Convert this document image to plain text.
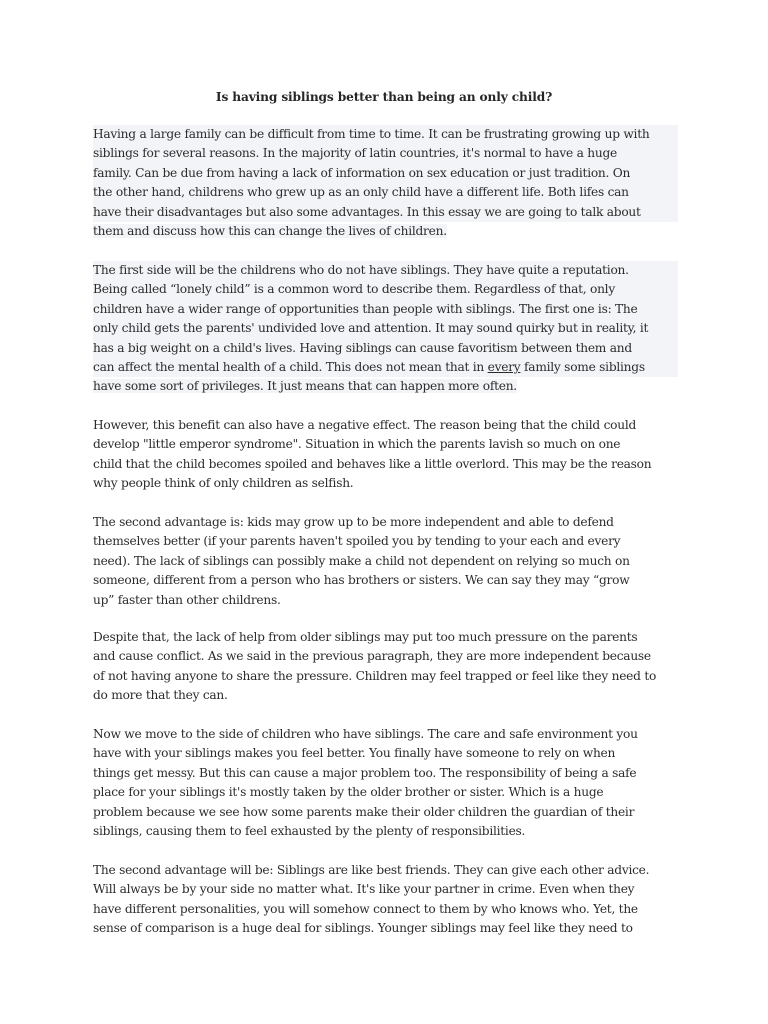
Is having siblings better than being an only child?
Having a large family can be difficult from time to time. It can be frustrating growing up with
siblings for several reasons. In the majority of latin countries, it's normal to have a huge
family. Can be due from having a lack of information on sex education or just tradition. On
the other hand, childrens who grew up as an only child have a different life. Both lifes can
have their disadvantages but also some advantages. In this essay we are going to talk about
them and discuss how this can change the lives of children.
The first side will be the childrens who do not have siblings. They have quite a reputation.
Being called “lonely child” is a common word to describe them. Regardless of that, only
children have a wider range of opportunities than people with siblings. The first one is: The
only child gets the parents' undivided love and attention. It may sound quirky but in reality, it
has a big weight on a child's lives. Having siblings can cause favoritism between them and
can affect the mental health of a child. This does not mean that in every family some siblings
have some sort of privileges. It just means that can happen more often.
However, this benefit can also have a negative effect. The reason being that the child could
develop "little emperor syndrome". Situation in which the parents lavish so much on one
child that the child becomes spoiled and behaves like a little overlord. This may be the reason
why people think of only children as selfish.
The second advantage is: kids may grow up to be more independent and able to defend
themselves better (if your parents haven't spoiled you by tending to your each and every
need). The lack of siblings can possibly make a child not dependent on relying so much on
someone, different from a person who has brothers or sisters. We can say they may “grow
up” faster than other childrens.
Despite that, the lack of help from older siblings may put too much pressure on the parents
and cause conflict. As we said in the previous paragraph, they are more independent because
of not having anyone to share the pressure. Children may feel trapped or feel like they need to
do more that they can.
Now we move to the side of children who have siblings. The care and safe environment you
have with your siblings makes you feel better. You finally have someone to rely on when
things get messy. But this can cause a major problem too. The responsibility of being a safe
place for your siblings it's mostly taken by the older brother or sister. Which is a huge
problem because we see how some parents make their older children the guardian of their
siblings, causing them to feel exhausted by the plenty of responsibilities.
The second advantage will be: Siblings are like best friends. They can give each other advice.
Will always be by your side no matter what. It's like your partner in crime. Even when they
have different personalities, you will somehow connect to them by who knows who. Yet, the
sense of comparison is a huge deal for siblings. Younger siblings may feel like they need to
